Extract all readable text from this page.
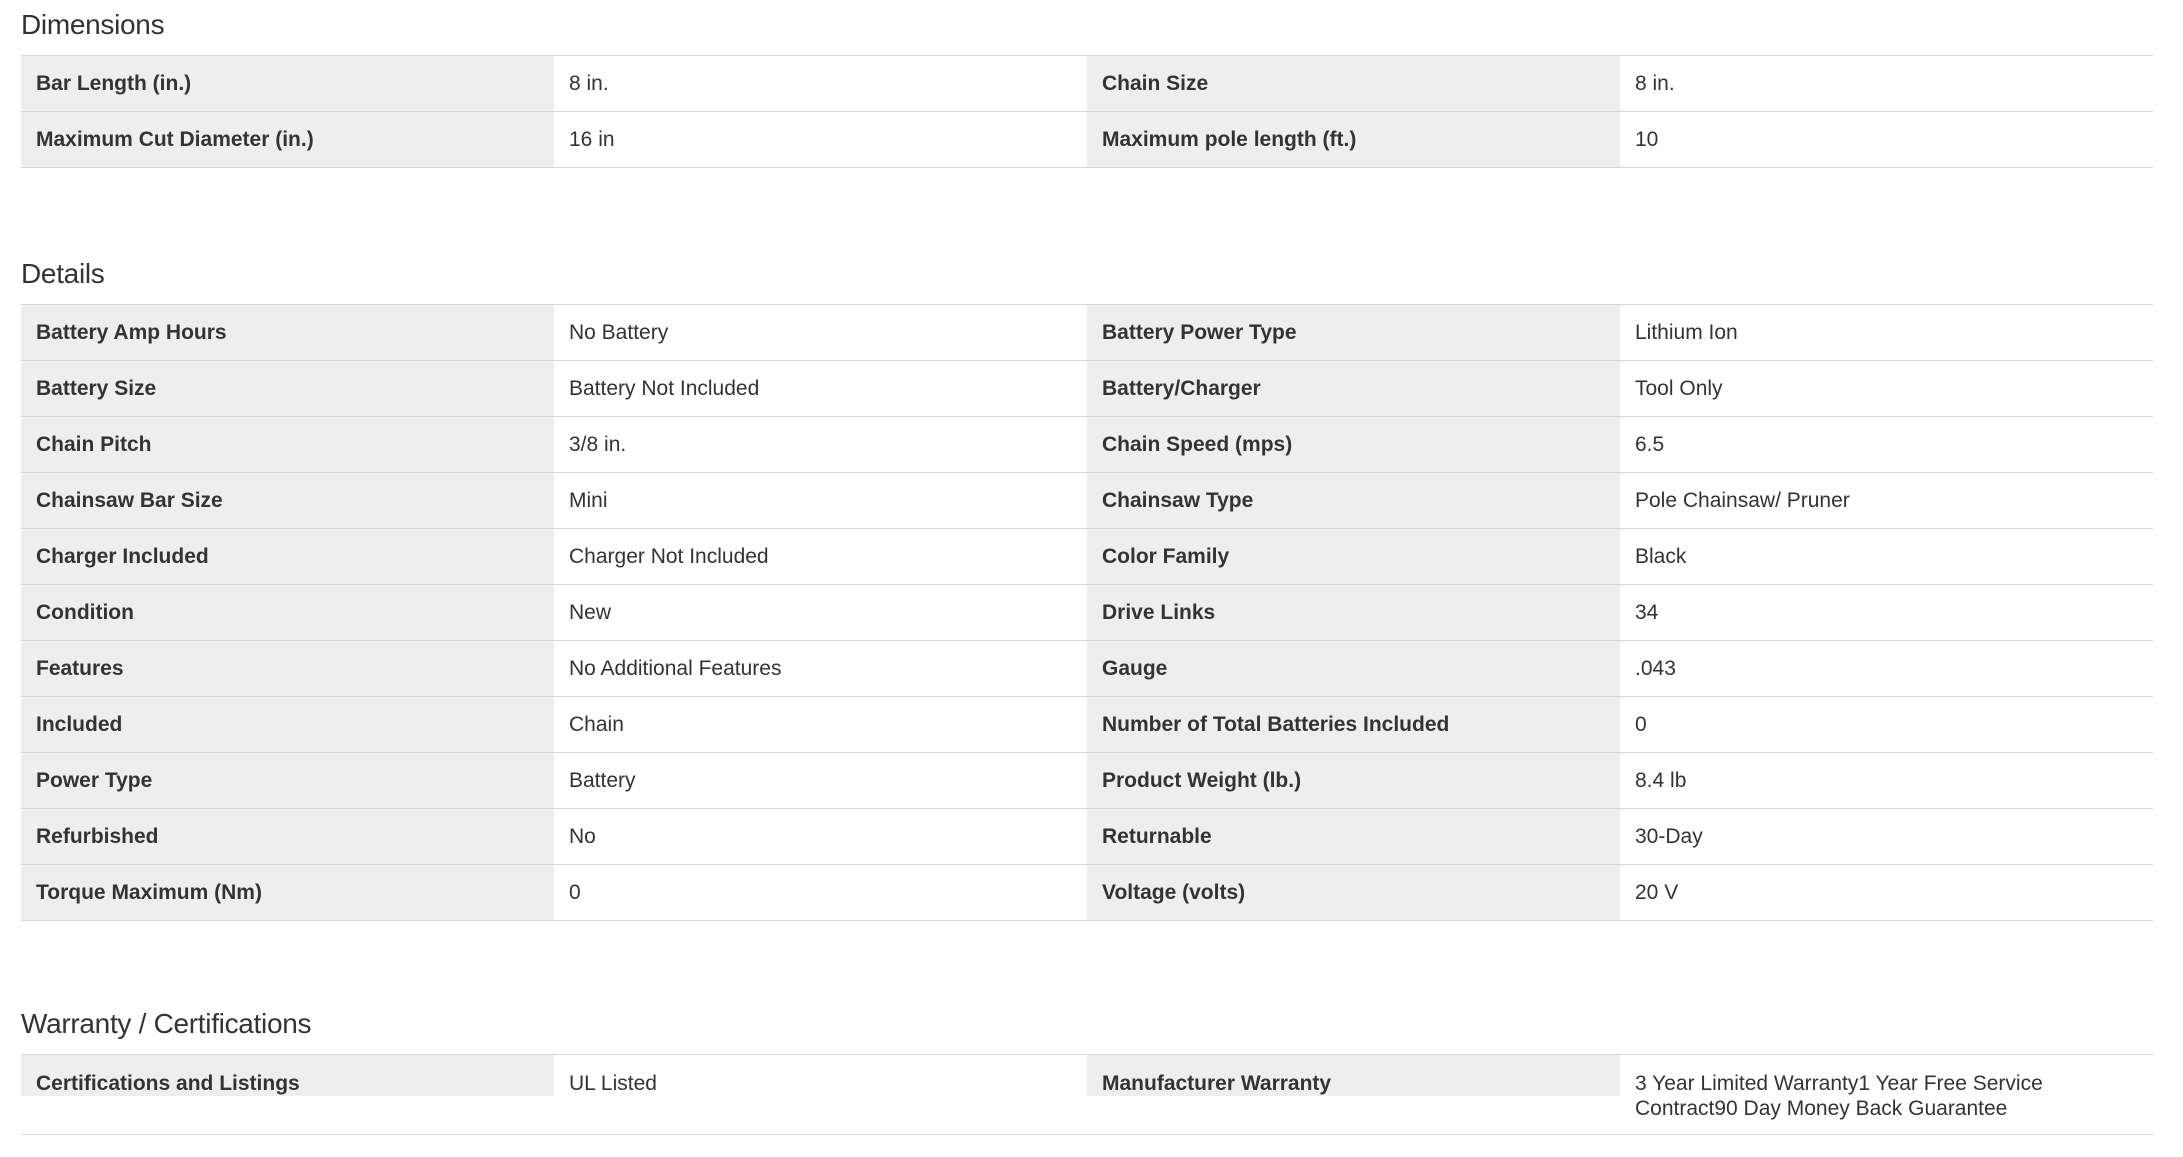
Dimensions
Bar Length (in.)	8 in.	Chain Size	8 in.
Maximum Cut Diameter (in.)	16 in	Maximum pole length (ft.)	10
Details
Battery Amp Hours	No Battery	Battery Power Type	Lithium Ion
Battery Size	Battery Not Included	Battery/Charger	Tool Only
Chain Pitch	3/8 in.	Chain Speed (mps)	6.5
Chainsaw Bar Size	Mini	Chainsaw Type	Pole Chainsaw/ Pruner
Charger Included	Charger Not Included	Color Family	Black
Condition	New	Drive Links	34
Features	No Additional Features	Gauge	.043
Included	Chain	Number of Total Batteries Included	0
Power Type	Battery	Product Weight (lb.)	8.4 lb
Refurbished	No	Returnable	30-Day
Torque Maximum (Nm)	0	Voltage (volts)	20 V
Warranty / Certifications
Certifications and Listings	UL Listed	Manufacturer Warranty	3 Year Limited Warranty1 Year Free Service Contract90 Day Money Back Guarantee
